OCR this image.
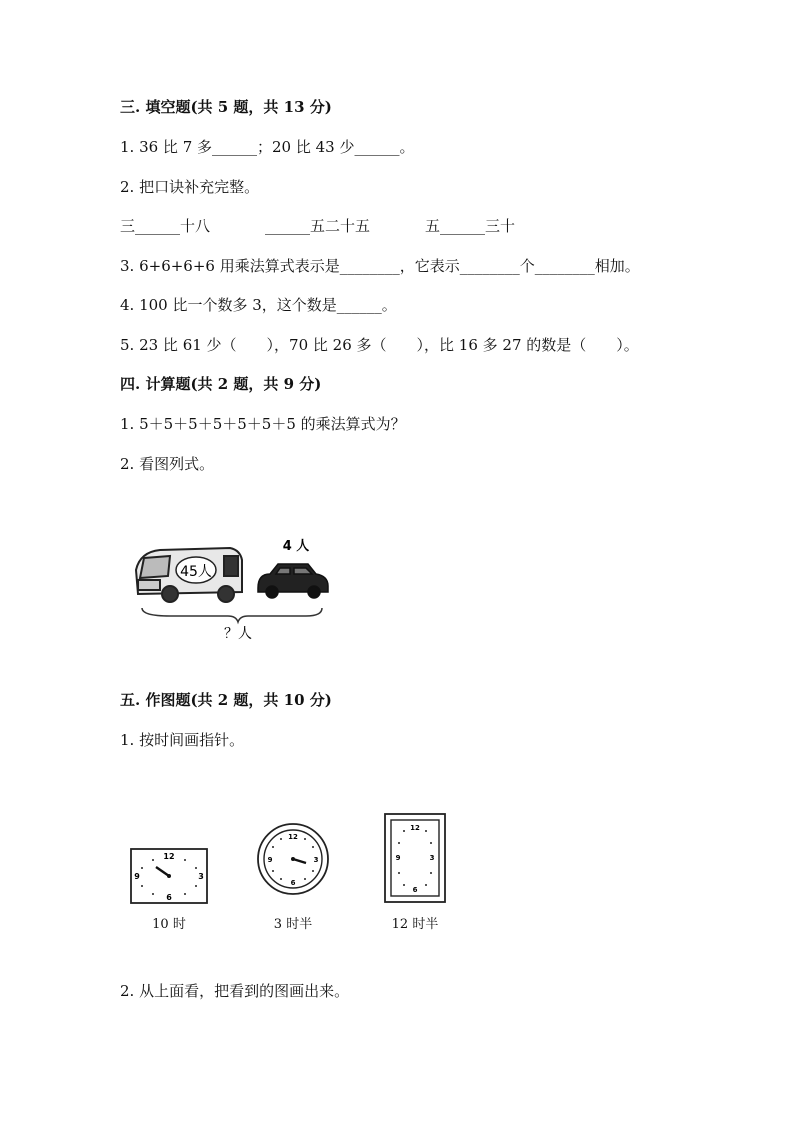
三. 填空题(共 5 题，共 13 分)
1. 36 比 7 多______；20 比 43 少______。
2. 把口诀补充完整。
三______十八	______五二十五	五______三十
3. 6+6+6+6 用乘法算式表示是________，它表示________个________相加。
4. 100 比一个数多 3，这个数是______。
5. 23 比 61 少（　　），70 比 26 多（　　），比 16 多 27 的数是（　　）。
四. 计算题(共 2 题，共 9 分)
1. 5＋5＋5＋5＋5＋5＋5 的乘法算式为？
2. 看图列式。
45人
4 人
？人
五. 作图题(共 2 题，共 10 分)
1. 按时间画指针。
12
3
6
9
10 时
12
3
6
9
3 时半
12
3
6
9
12 时半
2. 从上面看，把看到的图画出来。
